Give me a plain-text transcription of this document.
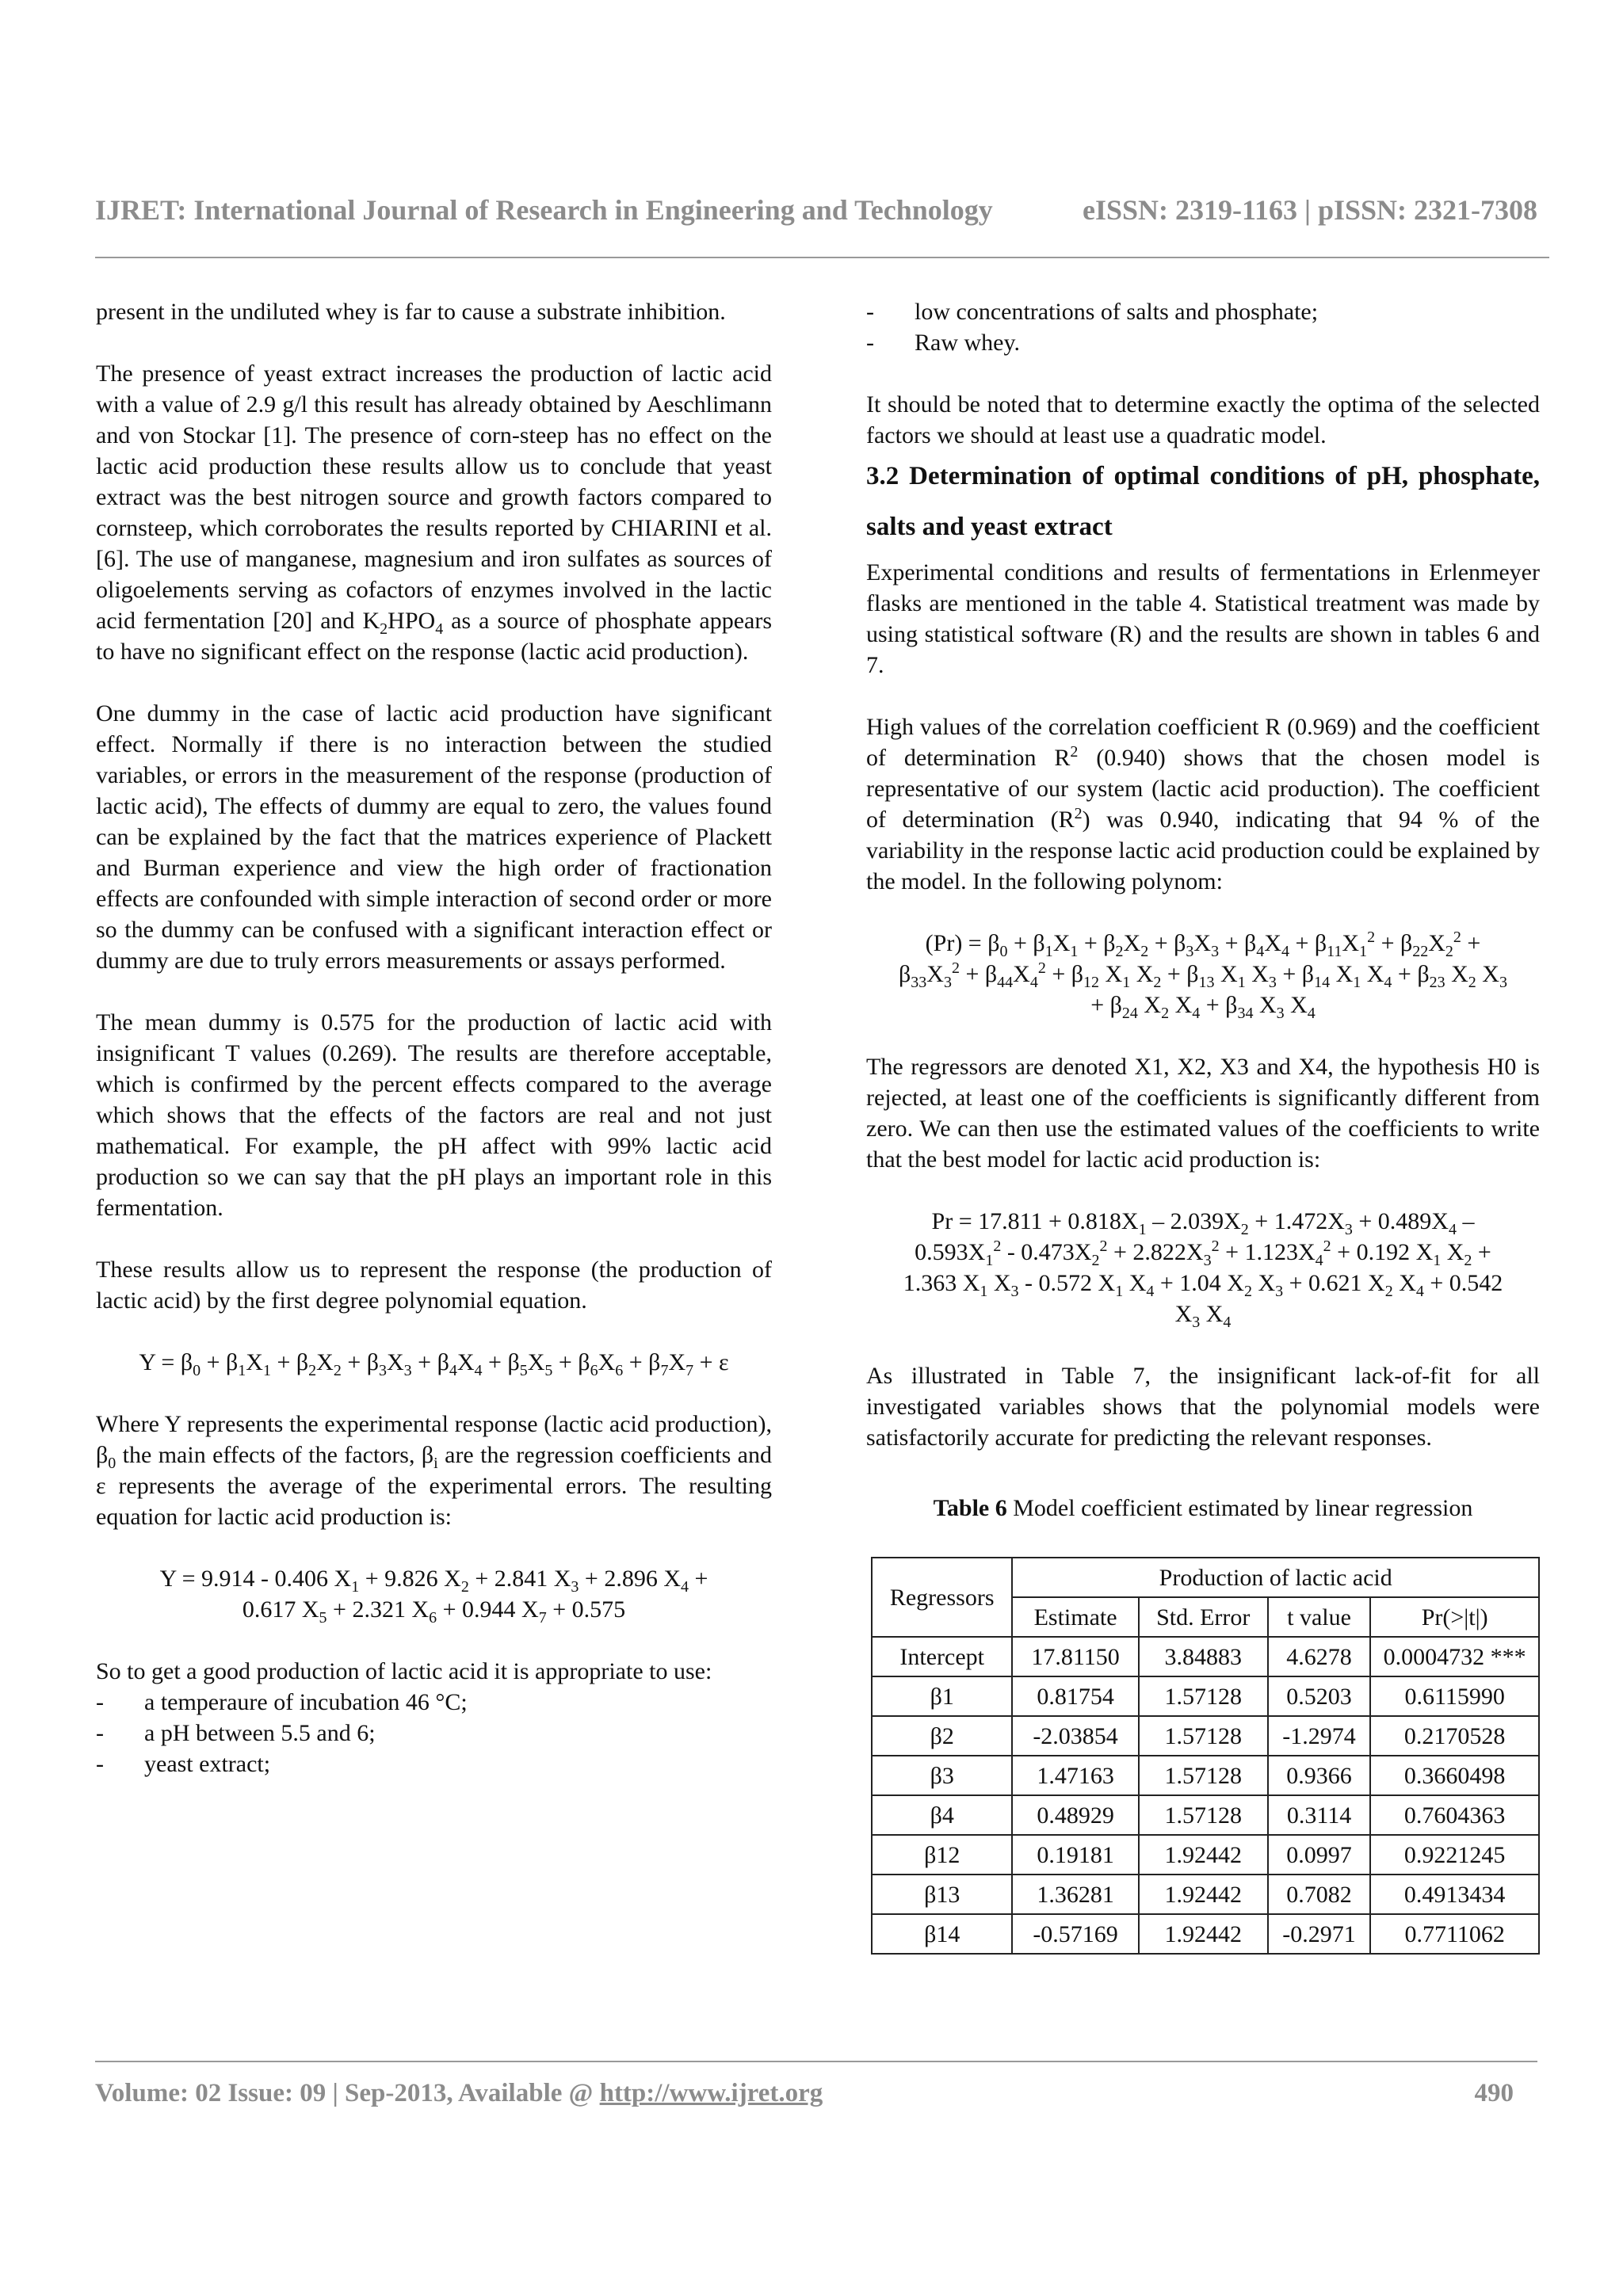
IJRET: International Journal of Research in Engineering and Technology	eISSN: 2319-1163 | pISSN: 2321-7308

present in the undiluted whey is far to cause a substrate inhibition.

The presence of yeast extract increases the production of lactic acid with a value of 2.9 g/l this result has already obtained by Aeschlimann and von Stockar [1]. The presence of corn-steep has no effect on the lactic acid production these results allow us to conclude that yeast extract was the best nitrogen source and growth factors compared to cornsteep, which corroborates the results reported by CHIARINI et al. [6]. The use of manganese, magnesium and iron sulfates as sources of oligoelements serving as cofactors of enzymes involved in the lactic acid fermentation [20] and $K_2HPO_4$ as a source of phosphate appears to have no significant effect on the response (lactic acid production).

One dummy in the case of lactic acid production have significant effect. Normally if there is no interaction between the studied variables, or errors in the measurement of the response (production of lactic acid), The effects of dummy are equal to zero, the values found can be explained by the fact that the matrices experience of Plackett and Burman experience and view the high order of fractionation effects are confounded with simple interaction of second order or more so the dummy can be confused with a significant interaction effect or dummy are due to truly errors measurements or assays performed.

The mean dummy is 0.575 for the production of lactic acid with insignificant T values (0.269). The results are therefore acceptable, which is confirmed by the percent effects compared to the average which shows that the effects of the factors are real and not just mathematical. For example, the pH affect with 99% lactic acid production so we can say that the pH plays an important role in this fermentation.

These results allow us to represent the response (the production of lactic acid) by the first degree polynomial equation.

$Y = \beta_0 + \beta_1X_1 + \beta_2X_2 + \beta_3X_3 + \beta_4X_4 + \beta_5X_5 + \beta_6X_6 + \beta_7X_7 + \varepsilon$

Where Y represents the experimental response (lactic acid production), $\beta_0$ the main effects of the factors, $\beta_i$ are the regression coefficients and ε represents the average of the experimental errors. The resulting equation for lactic acid production is:

Y = 9.914 - 0.406 $X_1 + 9.826$ $X_2 + 2.841$ $X_3 + 2.896$ $X_4$ +
0.617 $X_5 + 2.321$ $X_6 + 0.944$ $X_7 + 0.575$

So to get a good production of lactic acid it is appropriate to use:

- a temperaure of incubation 46 °C;
- a pH between 5.5 and 6;
- yeast extract;
- low concentrations of salts and phosphate;
- Raw whey.

It should be noted that to determine exactly the optima of the selected factors we should at least use a quadratic model.

3.2 Determination of optimal conditions of pH, phosphate, salts and yeast extract

Experimental conditions and results of fermentations in Erlenmeyer flasks are mentioned in the table 4. Statistical treatment was made by using statistical software (R) and the results are shown in tables 6 and 7.

High values of the correlation coefficient R (0.969) and the coefficient of determination $R^2$ (0.940) shows that the chosen model is representative of our system (lactic acid production). The coefficient of determination $(R^2)$ was 0.940, indicating that 94 % of the variability in the response lactic acid production could be explained by the model. In the following polynom:

$(Pr) = \beta_0 + \beta_1X_1 + \beta_2X_2 + \beta_3X_3 + \beta_4X_4 + \beta_{11}X_1^2 + \beta_{22}X_2^2$ +
$\beta_{33}X_3^2 + \beta_{44}X_4^2 + \beta_{12}$ $X_1$ $X_2 + \beta_{13}$ $X_1$ $X_3 + \beta_{14}$ $X_1$ $X_4 + \beta_{23}$ $X_2$ $X_3$
+ $\beta_{24}$ $X_2$ $X_4 + \beta_{34}$ $X_3$ $X_4$

The regressors are denoted X1, X2, X3 and X4, the hypothesis H0 is rejected, at least one of the coefficients is significantly different from zero. We can then use the estimated values of the coefficients to write that the best model for lactic acid production is:

$Pr = 17.811 + 0.818X_1 - 2.039X_2 + 1.472X_3 + 0.489X_4$ –
$0.593X_1^2 - 0.473X_2^2 + 2.822X_3^2 + 1.123X_4^2 + 0.192$ $X_1$ $X_2$ +
1.363 $X_1$ $X_3 - 0.572$ $X_1$ $X_4 + 1.04$ $X_2$ $X_3 + 0.621$ $X_2$ $X_4 + 0.542$
$X_3$ $X_4$

As illustrated in Table 7, the insignificant lack-of-fit for all investigated variables shows that the polynomial models were satisfactorily accurate for predicting the relevant responses.

Table 6 Model coefficient estimated by linear regression

Regressors	Production of lactic acid			
	Estimate	Std. Error	t value	Pr(>|t|)
Intercept	17.81150	3.84883	4.6278	0.0004732 ***
β1	0.81754	1.57128	0.5203	0.6115990
β2	-2.03854	1.57128	-1.2974	0.2170528
β3	1.47163	1.57128	0.9366	0.3660498
β4	0.48929	1.57128	0.3114	0.7604363
β12	0.19181	1.92442	0.0997	0.9221245
β13	1.36281	1.92442	0.7082	0.4913434
β14	-0.57169	1.92442	-0.2971	0.7711062
Volume: 02 Issue: 09 | Sep-2013, Available @ http://www.ijret.org	490
